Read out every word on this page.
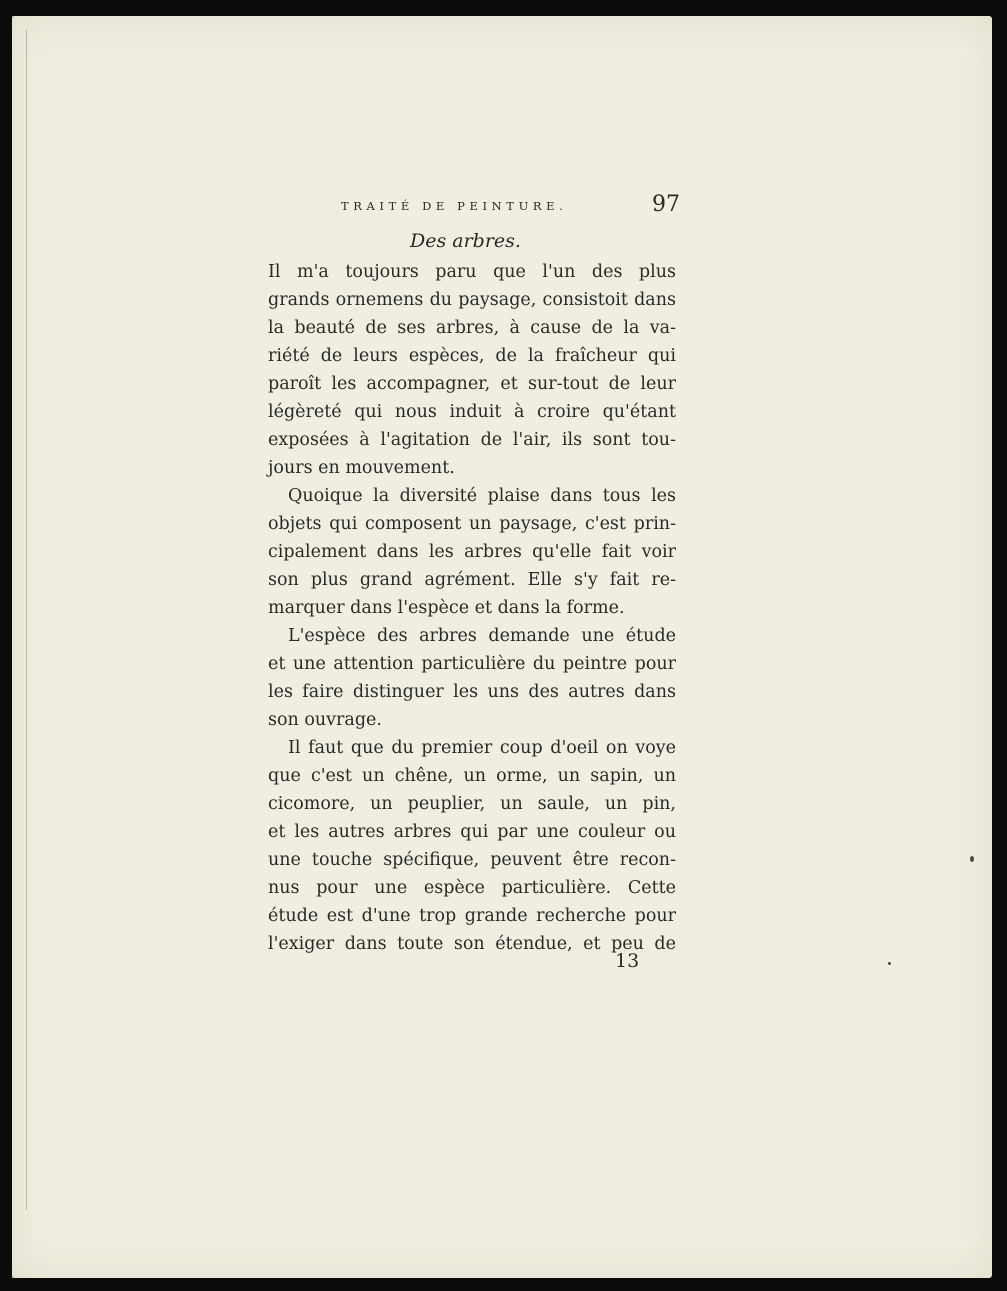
TRAITÉ DE PEINTURE.	97
Des arbres.
Il m'a toujours paru que l'un des plus
grands ornemens du paysage, consistoit dans
la beauté de ses arbres, à cause de la va-
riété de leurs espèces, de la fraîcheur qui
paroît les accompagner, et sur-tout de leur
légèreté qui nous induit à croire qu'étant
exposées à l'agitation de l'air, ils sont tou-
jours en mouvement.
Quoique la diversité plaise dans tous les
objets qui composent un paysage, c'est prin-
cipalement dans les arbres qu'elle fait voir
son plus grand agrément. Elle s'y fait re-
marquer dans l'espèce et dans la forme.
L'espèce des arbres demande une étude
et une attention particulière du peintre pour
les faire distinguer les uns des autres dans
son ouvrage.
Il faut que du premier coup d'oeil on voye
que c'est un chêne, un orme, un sapin, un
cicomore, un peuplier, un saule, un pin,
et les autres arbres qui par une couleur ou
une touche spécifique, peuvent être recon-
nus pour une espèce particulière. Cette
étude est d'une trop grande recherche pour
l'exiger dans toute son étendue, et peu de
13
